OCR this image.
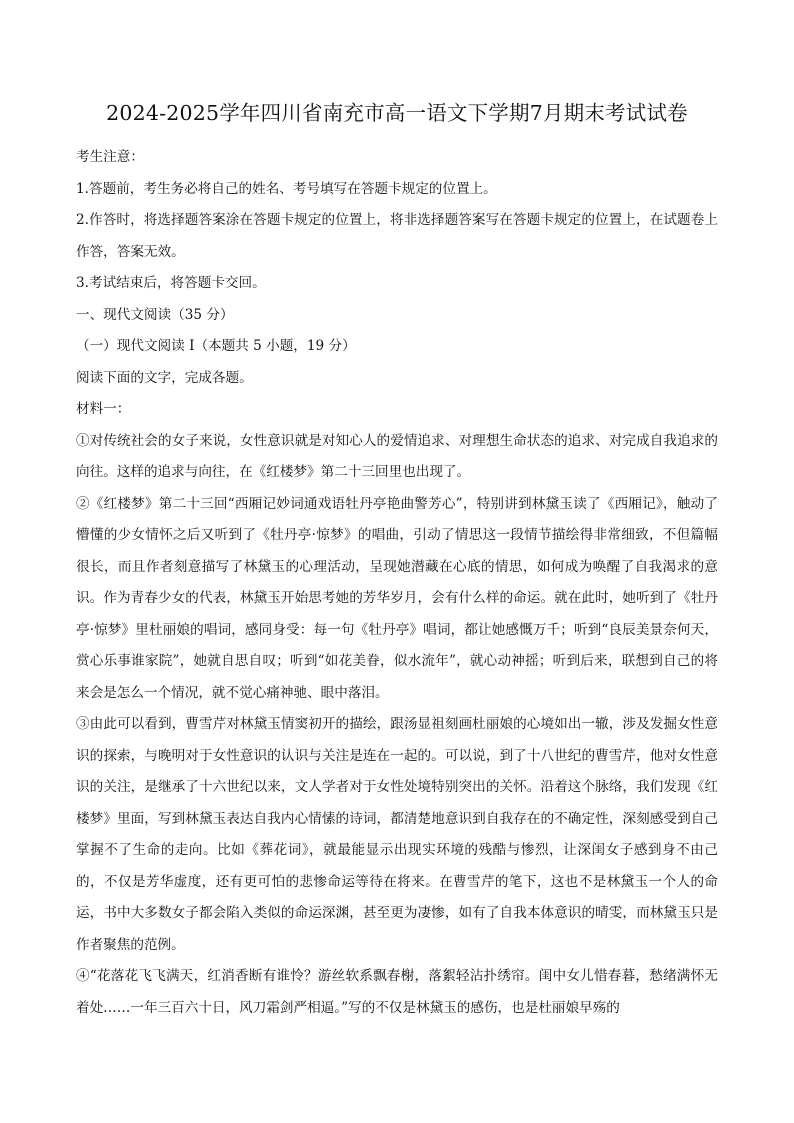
2024-2025学年四川省南充市高一语文下学期7月期末考试试卷

考生注意：

1.答题前，考生务必将自己的姓名、考号填写在答题卡规定的位置上。

2.作答时，将选择题答案涂在答题卡规定的位置上，将非选择题答案写在答题卡规定的位置上，在试题卷上作答，答案无效。

3.考试结束后，将答题卡交回。

一、现代文阅读（35 分）

（一）现代文阅读 I（本题共 5 小题，19 分）

阅读下面的文字，完成各题。

材料一：

①对传统社会的女子来说，女性意识就是对知心人的爱情追求、对理想生命状态的追求、对完成自我追求的向往。这样的追求与向往，在《红楼梦》第二十三回里也出现了。

②《红楼梦》第二十三回“西厢记妙词通戏语牡丹亭艳曲警芳心”，特别讲到林黛玉读了《西厢记》，触动了懵懂的少女情怀之后又听到了《牡丹亭·惊梦》的唱曲，引动了情思这一段情节描绘得非常细致，不但篇幅很长，而且作者刻意描写了林黛玉的心理活动，呈现她潜藏在心底的情思，如何成为唤醒了自我渴求的意识。作为青春少女的代表，林黛玉开始思考她的芳华岁月，会有什么样的命运。就在此时，她听到了《牡丹亭·惊梦》里杜丽娘的唱词，感同身受：每一句《牡丹亭》唱词，都让她感慨万千；听到“良辰美景奈何天，赏心乐事谁家院”，她就自思自叹；听到“如花美眷，似水流年”，就心动神摇；听到后来，联想到自己的将来会是怎么一个情况，就不觉心痛神驰、眼中落泪。

③由此可以看到，曹雪芹对林黛玉情窦初开的描绘，跟汤显祖刻画杜丽娘的心境如出一辙，涉及发掘女性意识的探索，与晚明对于女性意识的认识与关注是连在一起的。可以说，到了十八世纪的曹雪芹，他对女性意识的关注，是继承了十六世纪以来，文人学者对于女性处境特别突出的关怀。沿着这个脉络，我们发现《红楼梦》里面，写到林黛玉表达自我内心情愫的诗词，都清楚地意识到自我存在的不确定性，深刻感受到自己掌握不了生命的走向。比如《葬花词》，就最能显示出现实环境的残酷与惨烈，让深闺女子感到身不由己的，不仅是芳华虚度，还有更可怕的悲惨命运等待在将来。在曹雪芹的笔下，这也不是林黛玉一个人的命运，书中大多数女子都会陷入类似的命运深渊，甚至更为凄惨，如有了自我本体意识的晴雯，而林黛玉只是作者聚焦的范例。

④“花落花飞飞满天，红消香断有谁怜？游丝软系飘春榭，落絮轻沾扑绣帘。闺中女儿惜春暮，愁绪满怀无着处……一年三百六十日，风刀霜剑严相逼。”写的不仅是林黛玉的感伤，也是杜丽娘早殇的
